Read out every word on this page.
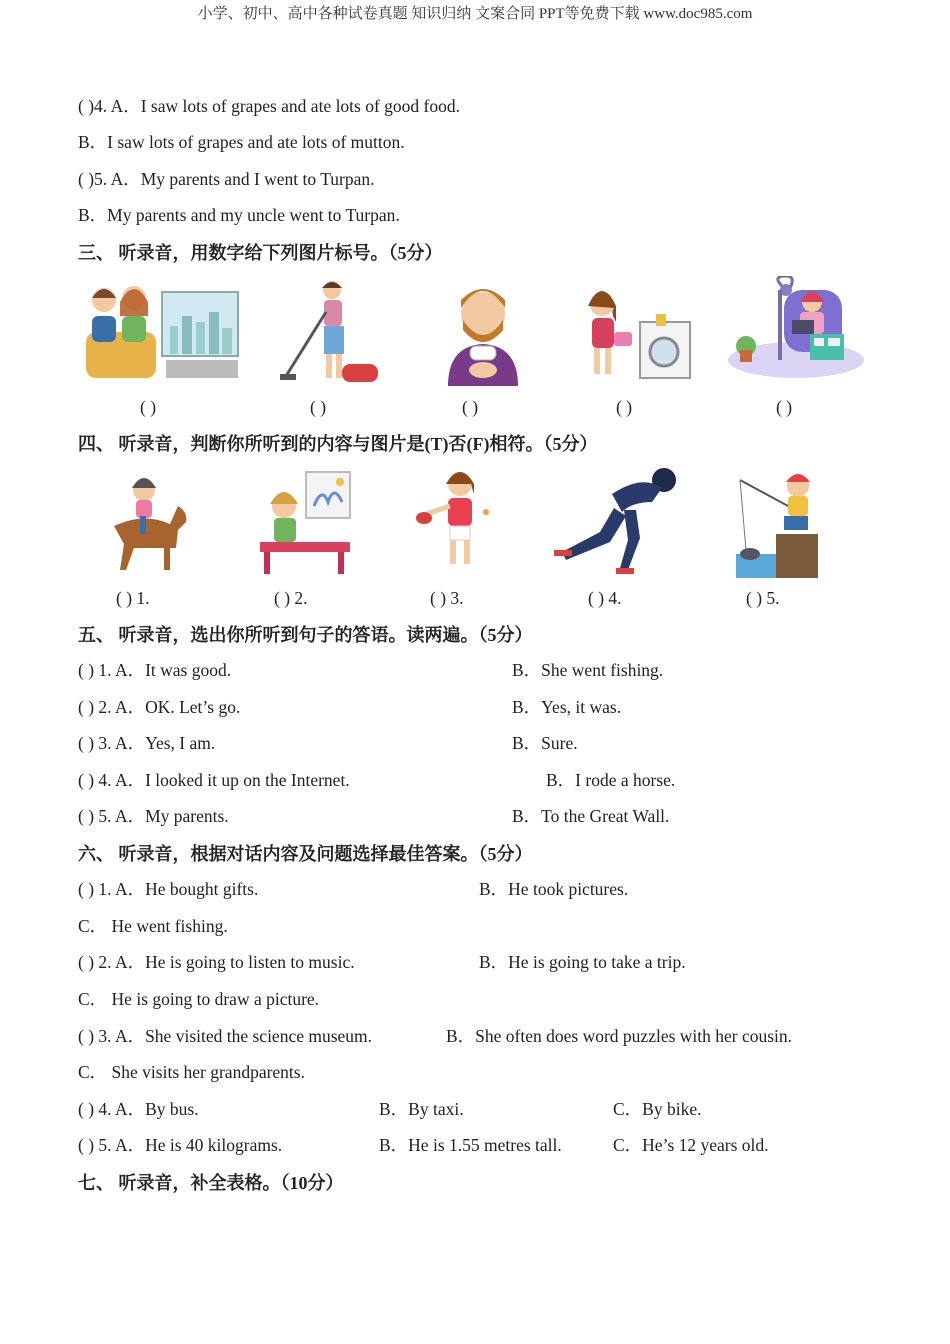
小学、初中、高中各种试卷真题 知识归纳 文案合同 PPT等免费下载 www.doc985.com
( )4. A．I saw lots of grapes and ate lots of good food.
B．I saw lots of grapes and ate lots of mutton.
( )5. A．My parents and I went to Turpan.
B．My parents and my uncle went to Turpan.
三、 听录音，用数字给下列图片标号。（5分）
( )	( )	( )	( )	( )
四、 听录音，判断你所听到的内容与图片是(T)否(F)相符。（5分）
( ) 1.	( ) 2.	( ) 3.	( ) 4.	( ) 5.
五、 听录音，选出你所听到句子的答语。读两遍。（5分）
( ) 1. A．It was good.	B．She went fishing.
( ) 2. A．OK. Let’s go.	B．Yes, it was.
( ) 3. A．Yes, I am.	B．Sure.
( ) 4. A．I looked it up on the Internet.	B．I rode a horse.
( ) 5. A．My parents.	B．To the Great Wall.
六、 听录音，根据对话内容及问题选择最佳答案。（5分）
( ) 1. A．He bought gifts.	B．He took pictures.
C． He went fishing.
( ) 2. A．He is going to listen to music.	B．He is going to take a trip.
C． He is going to draw a picture.
( ) 3. A．She visited the science museum.	B．She often does word puzzles with her cousin.
C． She visits her grandparents.
( ) 4. A．By bus.	B．By taxi.	C．By bike.
( ) 5. A．He is 40 kilograms.	B．He is 1.55 metres tall.	C．He’s 12 years old.
七、 听录音，补全表格。（10分）
